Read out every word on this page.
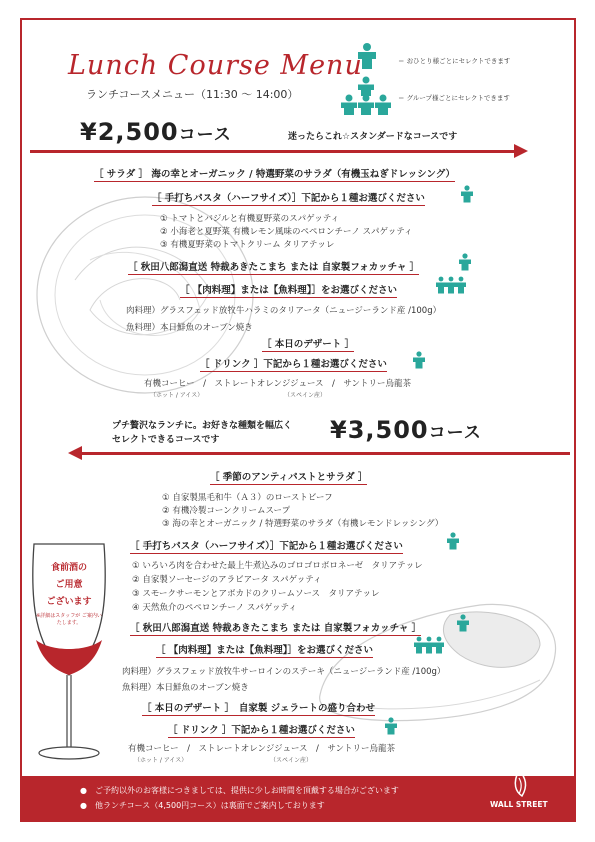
Lunch Course Menu
ランチコースメニュー（11:30 〜 14:00）
＝ おひとり様ごとにセレクトできます
＝ グループ様ごとにセレクトできます
¥2,500コース	迷ったらこれ☆スタンダードなコースです
［ サラダ ］ 海の幸とオーガニック / 特選野菜のサラダ（有機玉ねぎドレッシング）
［ 手打ちパスタ（ハーフサイズ）］下記から１種お選びください
① トマトとバジルと有機夏野菜のスパゲッティ
② 小海老と夏野菜 有機レモン風味のペペロンチーノ スパゲッティ
③ 有機夏野菜のトマトクリーム タリアテッレ
［ 秋田八郎潟直送 特裁あきたこまち または 自家製フォカッチャ ］
［ 【肉料理】または【魚料理】］をお選びください
肉料理）グラスフェッド放牧牛ハラミのタリアータ（ニュージーランド産 /100g）
魚料理）本日鮮魚のオーブン焼き
［ 本日のデザート ］
［ ドリンク ］下記から１種お選びください
有機コーヒー　/　ストレートオレンジジュース　/　サントリー烏龍茶
（ホット / アイス）	（スペイン産）
プチ贅沢なランチに。お好きな種類を幅広く
セレクトできるコースです	¥3,500コース
［ 季節のアンティパストとサラダ ］
① 自家製黒毛和牛（Ａ３）のローストビーフ
② 有機冷製コーンクリームスープ
③ 海の幸とオーガニック / 特選野菜のサラダ（有機レモンドレッシング）
［ 手打ちパスタ（ハーフサイズ）］下記から１種お選びください
① いろいろ肉を合わせた最上牛煮込みのゴロゴロボロネーゼ　タリアテッレ
② 自家製ソーセージのアラビアータ スパゲッティ
③ スモークサーモンとアボカドのクリームソース　タリアテッレ
④ 天然魚介のペペロンチーノ スパゲッティ
［ 秋田八郎潟直送 特裁あきたこまち または 自家製フォカッチャ ］
［ 【肉料理】または【魚料理】］をお選びください
肉料理）グラスフェッド放牧牛サーロインのステーキ（ニュージーランド産 /100g）
魚料理）本日鮮魚のオーブン焼き
［ 本日のデザート ］　自家製 ジェラートの盛り合わせ
［ ドリンク ］下記から１種お選びください
有機コーヒー　/　ストレートオレンジジュース　/　サントリー烏龍茶
（ホット / アイス）	（スペイン産）
食前酒の
ご用意
ございます
※詳細はスタッフが ご案内いたします。
●　ご予約以外のお客様につきましては、提供に少しお時間を頂戴する場合がございます
●　他ランチコース（4,500円コース）は裏面でご案内しております	WALL STREET
